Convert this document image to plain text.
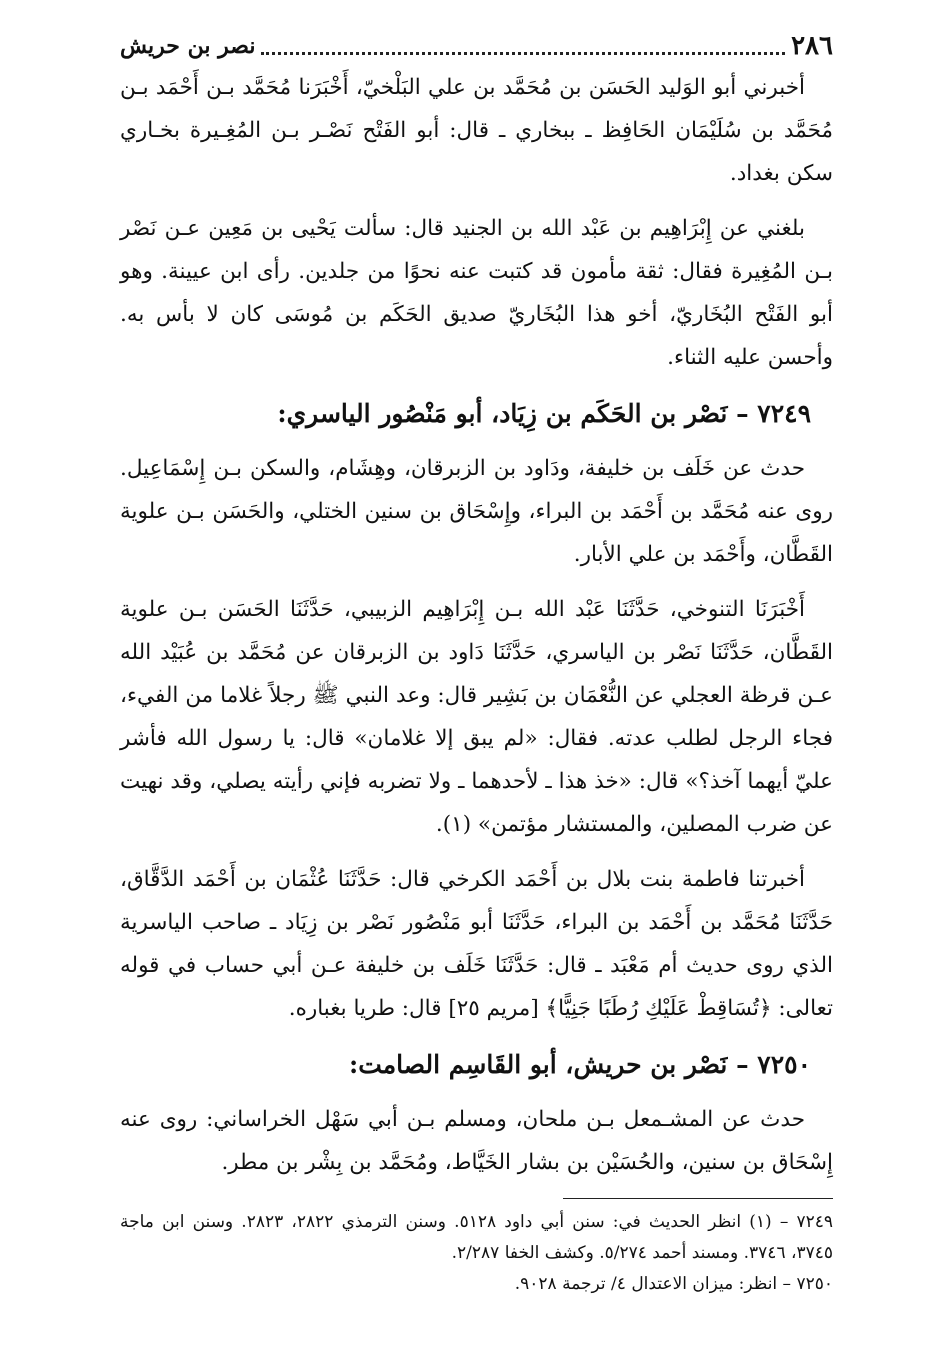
٢٨٦
نصر بن حريش

أخبرني أبو الوَليد الحَسَن بن مُحَمَّد بن علي البَلْخيّ، أَخْبَرَنا مُحَمَّد بـن أَحْمَد بـن مُحَمَّد بن سُلَيْمَان الحَافِظ ـ ببخاري ـ قال: أبو الفَتْح نَصْـر بـن المُغِـيرة بخـاري سكن بغداد.

بلغني عن إِبْرَاهِيم بن عَبْد الله بن الجنيد قال: سألت يَحْيى بن مَعِين عـن نَصْر بـن المُغِيرة فقال: ثقة مأمون قد كتبت عنه نحوًا من جلدين. رأى ابن عيينة. وهو أبو الفَتْح البُخَاريّ، أخو هذا البُخَاريّ صديق الحَكَم بن مُوسَى كان لا بأس به. وأحسن عليه الثناء.

٧٢٤٩ – نَصْر بن الحَكَم بن زِيَاد، أبو مَنْصُور الياسري:

حدث عن خَلَف بن خليفة، ودَاود بن الزبرقان، وهِشَام، والسكن بـن إِسْمَاعِيل. روى عنه مُحَمَّد بن أَحْمَد بن البراء، وإِسْحَاق بن سنين الختلي، والحَسَن بـن علوية القَطَّان، وأَحْمَد بن علي الأبار.

أَخْبَرَنَا التنوخي، حَدَّثَنَا عَبْد الله بـن إِبْرَاهِيم الزبيبي، حَدَّثَنَا الحَسَن بـن علوية القَطَّان، حَدَّثَنَا نَصْر بن الياسري، حَدَّثَنَا دَاود بن الزبرقان عن مُحَمَّد بن عُبَيْد الله عـن قرظة العجلي عن النُّعْمَان بن بَشِير قال: وعد النبي ﷺ رجلاً غلاما من الفيء، فجاء الرجل لطلب عدته. فقال: «لم يبق إلا غلامان» قال: يا رسول الله فأشر عليّ أيهما آخذ؟» قال: «خذ هذا ـ لأحدهما ـ ولا تضربه فإني رأيته يصلي، وقد نهيت عن ضرب المصلين، والمستشار مؤتمن» (١).

أخبرتنا فاطمة بنت بلال بن أَحْمَد الكرخي قال: حَدَّثَنَا عُثْمَان بن أَحْمَد الدَّقَّاق، حَدَّثَنَا مُحَمَّد بن أَحْمَد بن البراء، حَدَّثَنَا أبو مَنْصُور نَصْر بن زِيَاد ـ صاحب الياسرية الذي روى حديث أم مَعْبَد ـ قال: حَدَّثَنَا خَلَف بن خليفة عـن أبي حساب في قوله تعالى: ﴿تُسَاقِطْ عَلَيْكِ رُطَبًا جَنِيًّا﴾ [مريم ٢٥] قال: طريا بغباره.

٧٢٥٠ – نَصْر بن حريش، أبو القَاسِم الصامت:

حدث عن المشـمعل بـن ملحان، ومسلم بـن أبي سَهْل الخراساني: روى عنه إِسْحَاق بن سنين، والحُسَيْن بن بشار الخَيَّاط، ومُحَمَّد بن بِشْر بن مطر.

٧٢٤٩ – (١) انظر الحديث في: سنن أبي داود ٥١٢٨. وسنن الترمذي ٢٨٢٢، ٢٨٢٣. وسنن ابن ماجة ٣٧٤٥، ٣٧٤٦. ومسند أحمد ٥/٢٧٤. وكشف الخفا ٢/٢٨٧.

٧٢٥٠ – انظر: ميزان الاعتدال ٤/ ترجمة ٩٠٢٨.
